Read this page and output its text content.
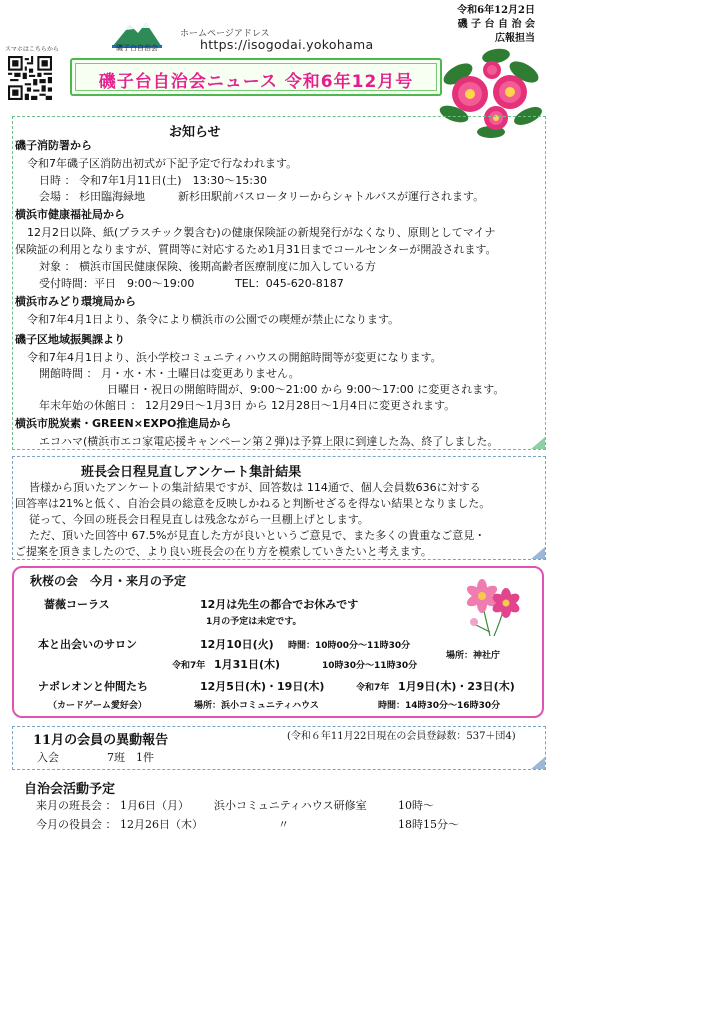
スマホはこちらから	磯子台自治会
ホームページアドレス
https://isogodai.yokohama
令和6年12月2日
磯 子 台 自 治 会
広報担当
磯子台自治会ニュース 令和6年12月号
お知らせ
磯子消防署から
令和7年磯子区消防出初式が下記予定で行なわれます。
日時 ： 令和7年1月11日(土)　13:30～15:30
会場 ： 杉田臨海緑地　　　新杉田駅前バスロータリーからシャトルバスが運行されます。
横浜市健康福祉局から
12月2日以降、紙(プラスチック製含む)の健康保険証の新規発行がなくなり、原則としてマイナ
保険証の利用となりますが、質問等に対応するため1月31日までコールセンターが開設されます。
対象 ： 横浜市国民健康保険、後期高齢者医療制度に加入している方
受付時間：平日　9:00～19:00	TEL：045-620-8187
横浜市みどり環境局から
令和7年4月1日より、条令により横浜市の公園での喫煙が禁止になります。
磯子区地域振興課より
令和7年4月1日より、浜小学校コミュニティハウスの開館時間等が変更になります。
開館時間 ： 月・水・木・土曜日は変更ありません。
日曜日・祝日の開館時間が、9:00～21:00 から 9:00～17:00 に変更されます。
年末年始の休館日 ： 12月29日～1月3日 から 12月28日～1月4日に変更されます。
横浜市脱炭素・GREEN×EXPO推進局から
エコハマ(横浜市エコ家電応援キャンペーン第２弾)は予算上限に到達した為、終了しました。
班長会日程見直しアンケート集計結果
皆様から頂いたアンケートの集計結果ですが、回答数は 114通で、個人会員数636に対する
回答率は21%と低く、自治会員の総意を反映しかねると判断せざるを得ない結果となりました。
従って、今回の班長会日程見直しは残念ながら一旦棚上げとします。
ただ、頂いた回答中 67.5%が見直した方が良いというご意見で、また多くの貴重なご意見・
ご提案を頂きましたので、より良い班長会の在り方を模索していきたいと考えます。
秋桜の会　今月・来月の予定
薔薇コーラス	12月は先生の都合でお休みです
1月の予定は未定です。
本と出会いのサロン	12月10日(火) 時間：10時00分～11時30分
令和7年 1月31日(木)	10時30分～11時30分
場所：神社庁
ナポレオンと仲間たち	12月5日(木)・19日(木)	令和7年 1月9日(木)・23日(木)
（カードゲーム愛好会）	場所：浜小コミュニティハウス	時間：14時30分～16時30分
11月の会員の異動報告	(令和６年11月22日現在の会員登録数：537＋団4)
入会	7班　1件
自治会活動予定
来月の班長会 ： 1月6日（月） 浜小コミュニティハウス研修室	10時～
今月の役員会 ： 12月26日（木）	〃	18時15分～
